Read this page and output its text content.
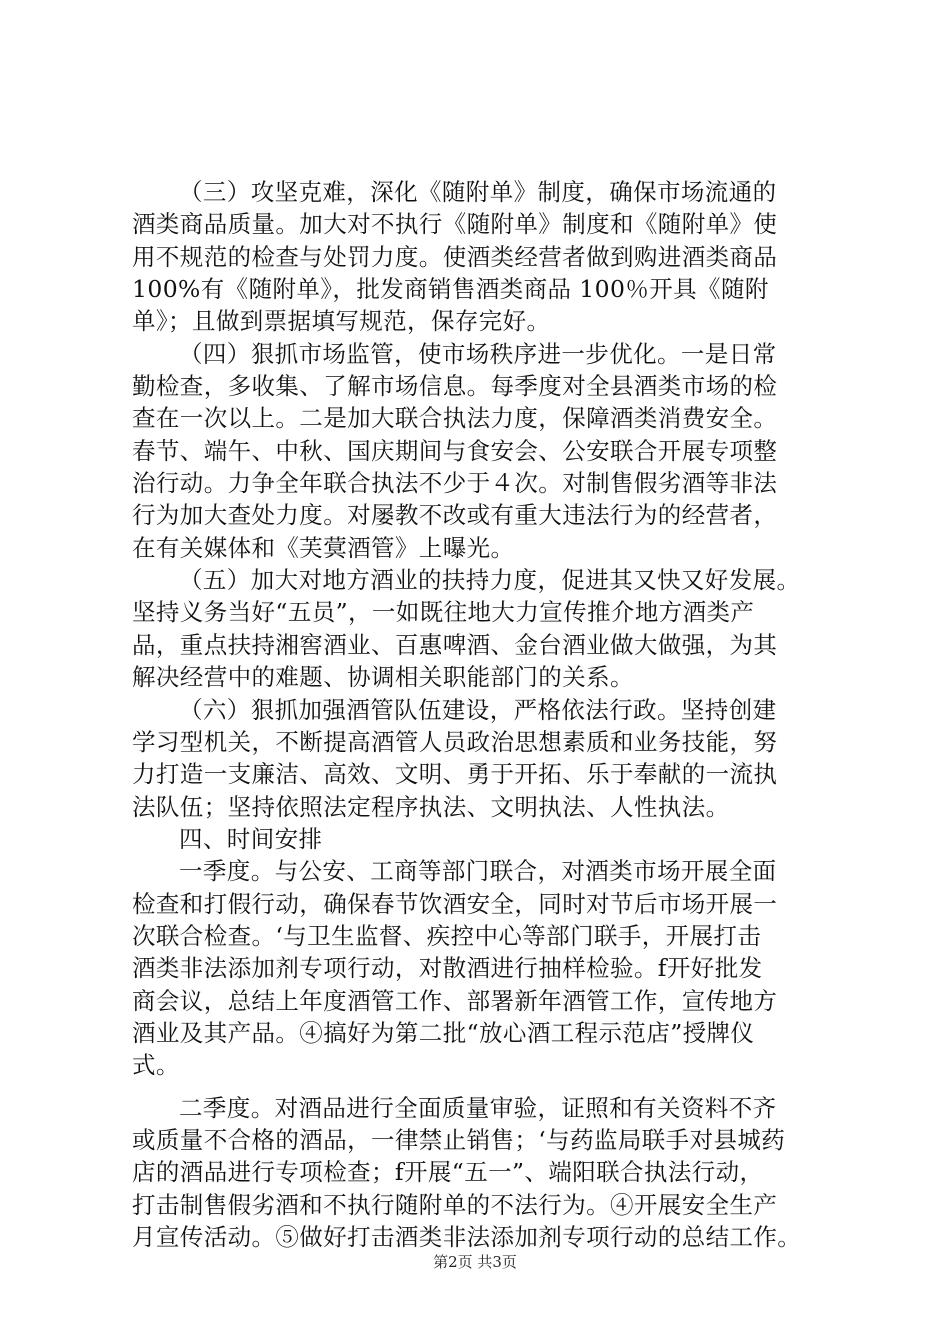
（三）攻坚克难，深化《随附单》制度，确保市场流通的
酒类商品质量。加大对不执行《随附单》制度和《随附单》使
用不规范的检查与处罚力度。使酒类经营者做到购进酒类商品
100%有《随附单》，批发商销售酒类商品 100％开具《随附
单》；且做到票据填写规范，保存完好。
（四）狠抓市场监管，使市场秩序进一步优化。一是日常
勤检查，多收集、了解市场信息。每季度对全县酒类市场的检
查在一次以上。二是加大联合执法力度，保障酒类消费安全。
春节、端午、中秋、国庆期间与食安会、公安联合开展专项整
治行动。力争全年联合执法不少于４次。对制售假劣酒等非法
行为加大查处力度。对屡教不改或有重大违法行为的经营者，
在有关媒体和《芙蓂酒管》上曝光。
（五）加大对地方酒业的扶持力度，促进其又快又好发展。
坚持义务当好“五员”，一如既往地大力宣传推介地方酒类产
品，重点扶持湘窖酒业、百惠啤酒、金台酒业做大做强，为其
解决经营中的难题、协调相关职能部门的关系。
（六）狠抓加强酒管队伍建设，严格依法行政。坚持创建
学习型机关，不断提高酒管人员政治思想素质和业务技能，努
力打造一支廉洁、高效、文明、勇于开拓、乐于奉献的一流执
法队伍；坚持依照法定程序执法、文明执法、人性执法。
四、时间安排
一季度。与公安、工商等部门联合，对酒类市场开展全面
检查和打假行动，确保春节饮酒安全，同时对节后市场开展一
次联合检查。‘与卫生监督、疾控中心等部门联手，开展打击
酒类非法添加剂专项行动，对散酒进行抽样检验。f开好批发
商会议，总结上年度酒管工作、部署新年酒管工作，宣传地方
酒业及其产品。④搞好为第二批“放心酒工程示范店”授牌仪
式。
二季度。对酒品进行全面质量审验，证照和有关资料不齐
或质量不合格的酒品，一律禁止销售；‘与药监局联手对县城药
店的酒品进行专项检查；f开展“五一”、端阳联合执法行动，
打击制售假劣酒和不执行随附单的不法行为。④开展安全生产
月宣传活动。⑤做好打击酒类非法添加剂专项行动的总结工作。
第2页 共3页
